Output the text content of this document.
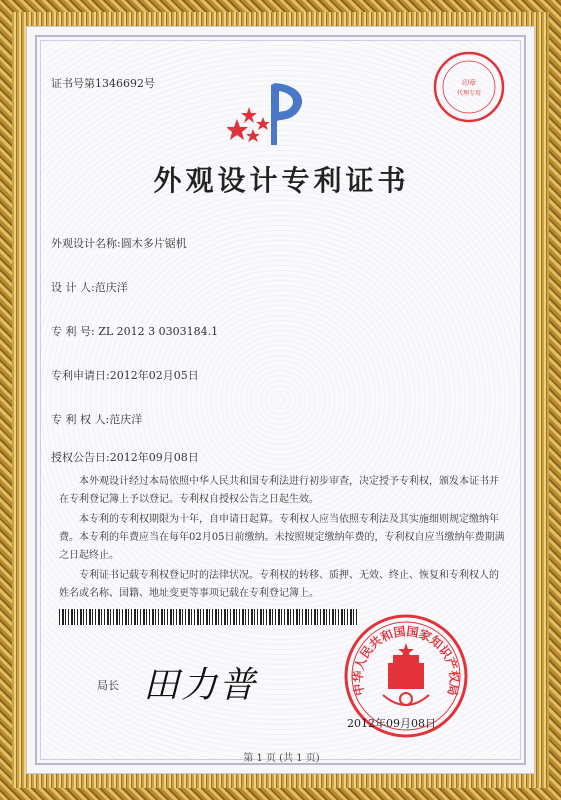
证书号第1346692号	印章
代理专用
外观设计专利证书
外观设计名称:圆木多片锯机
设 计 人:范庆洋
专 利 号: ZL 2012 3 0303184.1
专利申请日:2012年02月05日
专 利 权 人:范庆洋
授权公告日:2012年09月08日
本外观设计经过本局依照中华人民共和国专利法进行初步审查，决定授予专利权，颁发本证书并在专利登记簿上予以登记。专利权自授权公告之日起生效。
本专利的专利权期限为十年，自申请日起算。专利权人应当依照专利法及其实施细则规定缴纳年费。本专利的年费应当在每年02月05日前缴纳。未按照规定缴纳年费的，专利权自应当缴纳年费期满之日起终止。
专利证书记载专利权登记时的法律状况。专利权的转移、质押、无效、终止、恢复和专利权人的姓名或名称、国籍、地址变更等事项记载在专利登记簿上。
局长 田力普	中华人民共和国国家知识产权局
2012年09月08日
第 1 页 (共 1 页)
